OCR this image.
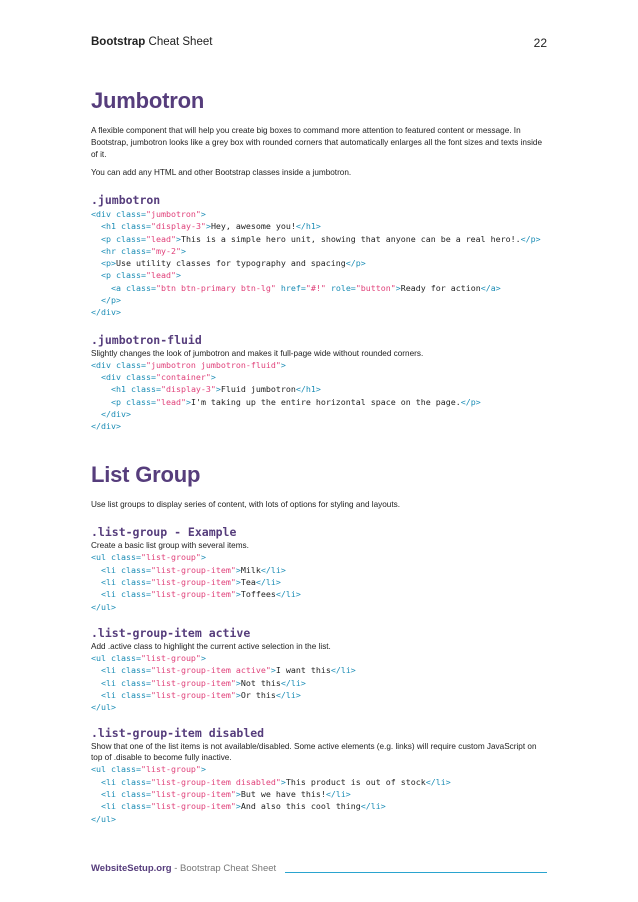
Bootstrap Cheat Sheet	22
Jumbotron

A flexible component that will help you create big boxes to command more attention to featured content or message. In Bootstrap, jumbotron looks like a grey box with rounded corners that automatically enlarges all the font sizes and texts inside of it.

You can add any HTML and other Bootstrap classes inside a jumbotron.

.jumbotron
<div class="jumbotron">
<h1 class="display-3">Hey, awesome you!</h1>
<p class="lead">This is a simple hero unit, showing that anyone can be a real hero!.</p>
<hr class="my-2">
<p>Use utility classes for typography and spacing</p>
<p class="lead">
<a class="btn btn-primary btn-lg" href="#!" role="button">Ready for action</a>
</p>
</div>
.jumbotron-fluid

Slightly changes the look of jumbotron and makes it full-page wide without rounded corners.

<div class="jumbotron jumbotron-fluid">
<div class="container">
<h1 class="display-3">Fluid jumbotron</h1>
<p class="lead">I'm taking up the entire horizontal space on the page.</p>
</div>
</div>
List Group

Use list groups to display series of content, with lots of options for styling and layouts.

.list-group - Example

Create a basic list group with several items.

<ul class="list-group">
<li class="list-group-item">Milk</li>
<li class="list-group-item">Tea</li>
<li class="list-group-item">Toffees</li>
</ul>
.list-group-item active

Add .active class to highlight the current active selection in the list.

<ul class="list-group">
<li class="list-group-item active">I want this</li>
<li class="list-group-item">Not this</li>
<li class="list-group-item">Or this</li>
</ul>
.list-group-item disabled

Show that one of the list items is not available/disabled. Some active elements (e.g. links) will require custom JavaScript on top of .disable to become fully inactive.

<ul class="list-group">
<li class="list-group-item disabled">This product is out of stock</li>
<li class="list-group-item">But we have this!</li>
<li class="list-group-item">And also this cool thing</li>
</ul>
WebsiteSetup.org - Bootstrap Cheat Sheet
